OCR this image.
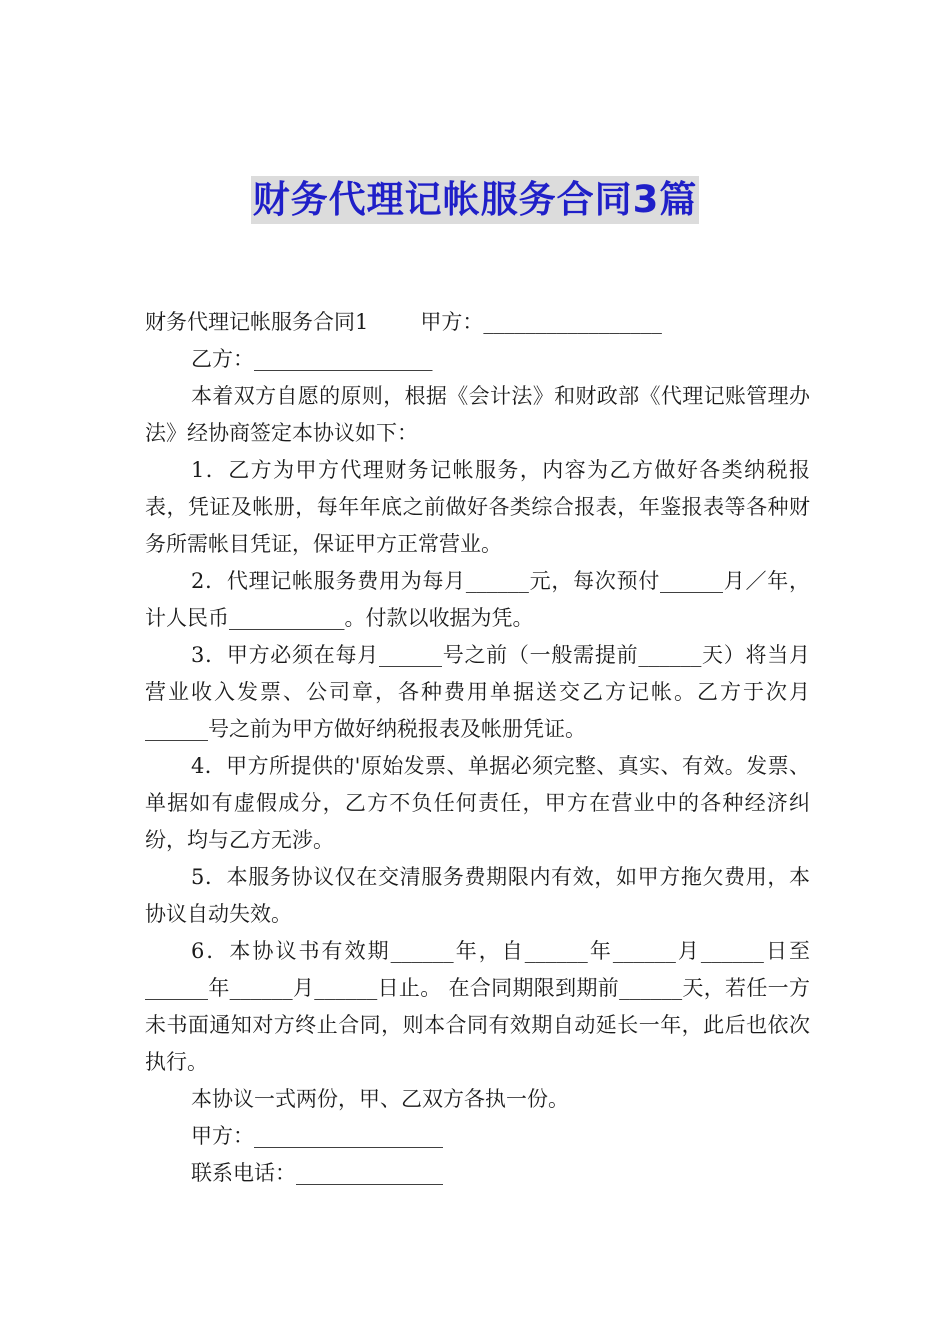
财务代理记帐服务合同3篇

财务代理记帐服务合同1 甲方：_________________

乙方：_________________

本着双方自愿的原则，根据《会计法》和财政部《代理记账管理办法》经协商签定本协议如下：

1．乙方为甲方代理财务记帐服务，内容为乙方做好各类纳税报表，凭证及帐册，每年年底之前做好各类综合报表，年鉴报表等各种财务所需帐目凭证，保证甲方正常营业。

2．代理记帐服务费用为每月______元，每次预付______月／年，计人民币___________。付款以收据为凭。

3．甲方必须在每月______号之前（一般需提前______天）将当月营业收入发票、公司章，各种费用单据送交乙方记帐。乙方于次月______号之前为甲方做好纳税报表及帐册凭证。

4．甲方所提供的'原始发票、单据必须完整、真实、有效。发票、单据如有虚假成分，乙方不负任何责任，甲方在营业中的各种经济纠纷，均与乙方无涉。

5．本服务协议仅在交清服务费期限内有效，如甲方拖欠费用，本协议自动失效。

6．本协议书有效期______年，自______年______月______日至______年______月______日止。 在合同期限到期前______天，若任一方未书面通知对方终止合同，则本合同有效期自动延长一年，此后也依次执行。

本协议一式两份，甲、乙双方各执一份。

甲方：__________________

联系电话：______________
